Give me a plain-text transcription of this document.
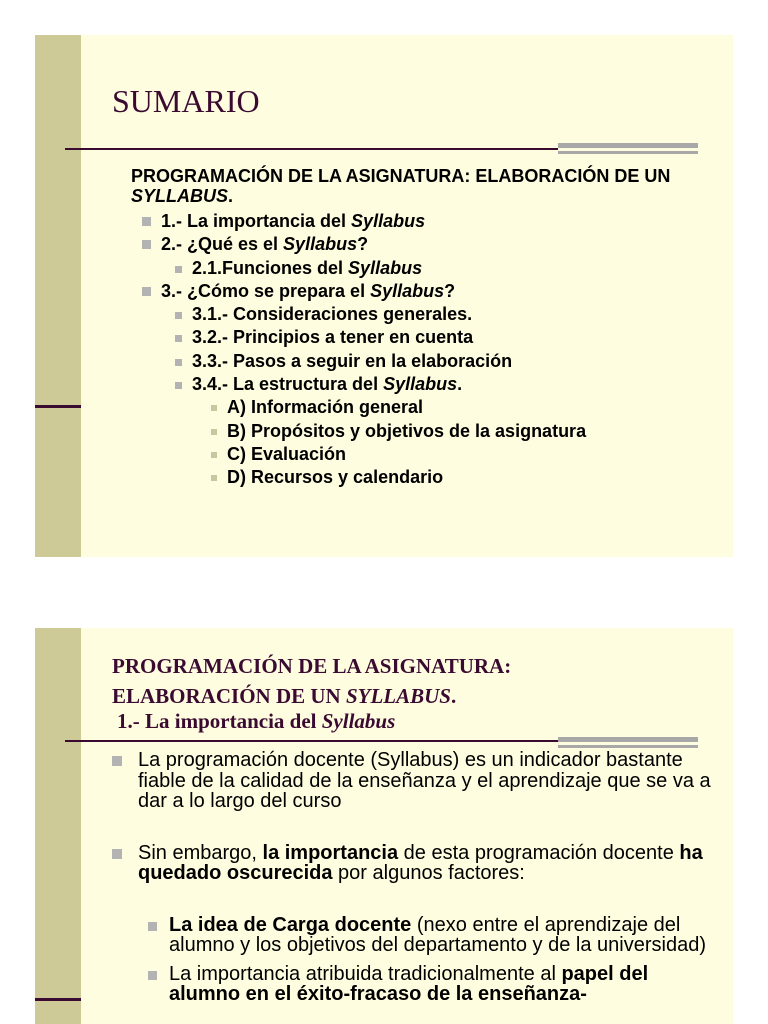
SUMARIO
PROGRAMACIÓN DE LA ASIGNATURA: ELABORACIÓN DE UN SYLLABUS.
1.- La importancia del Syllabus
2.- ¿Qué es el Syllabus?
2.1.Funciones del Syllabus
3.- ¿Cómo se prepara el Syllabus?
3.1.- Consideraciones generales.
3.2.- Principios a tener en cuenta
3.3.- Pasos a seguir en la elaboración
3.4.- La estructura del Syllabus.
A) Información general
B) Propósitos y objetivos de la asignatura
C) Evaluación
D) Recursos y calendario
PROGRAMACIÓN DE LA ASIGNATURA:
ELABORACIÓN DE UN SYLLABUS.
1.- La importancia del Syllabus
La programación docente (Syllabus) es un indicador bastante fiable de la calidad de la enseñanza y el aprendizaje que se va a dar a lo largo del curso
Sin embargo, la importancia de esta programación docente ha quedado oscurecida por algunos factores:
La idea de Carga docente (nexo entre el aprendizaje del alumno y los objetivos del departamento y de la universidad)
La importancia atribuida tradicionalmente al papel del alumno en el éxito-fracaso de la enseñanza-
